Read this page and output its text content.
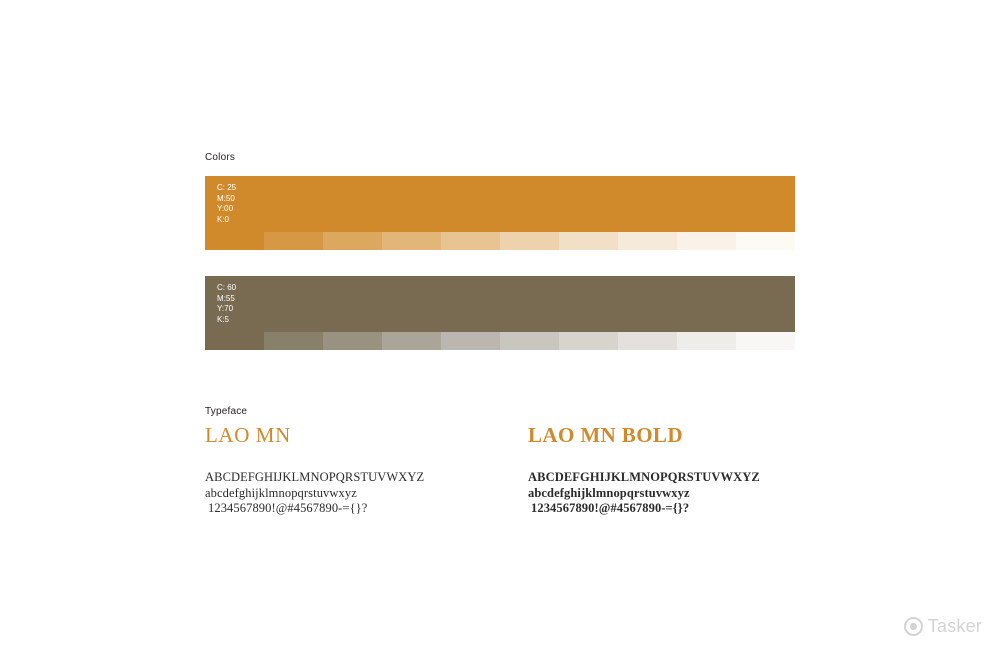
Colors
C: 25
M:50
Y:00
K:0
C: 60
M:55
Y:70
K:5
Typeface
LAO MN
ABCDEFGHIJKLMNOPQRSTUVWXYZ
abcdefghijklmnopqrstuvwxyz
1234567890!@#4567890-={}?
LAO MN BOLD
ABCDEFGHIJKLMNOPQRSTUVWXYZ
abcdefghijklmnopqrstuvwxyz
1234567890!@#4567890-={}?
Tasker
